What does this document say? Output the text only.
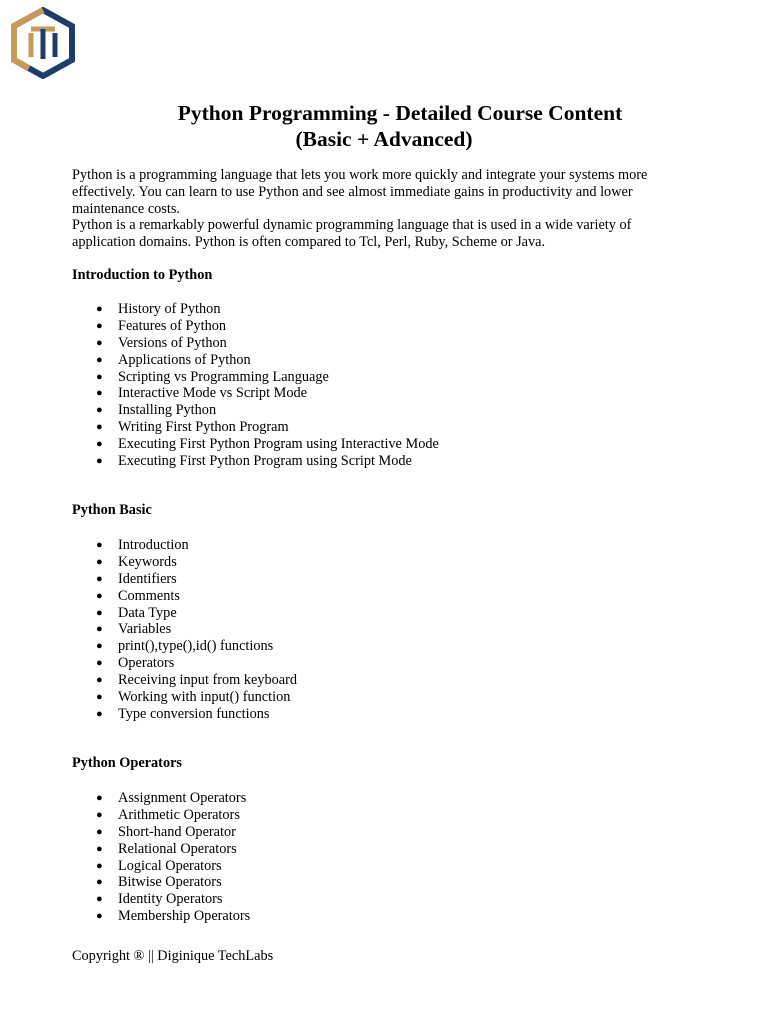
Python Programming - Detailed Course Content
(Basic + Advanced)

Python is a programming language that lets you work more quickly and integrate your systems more effectively. You can learn to use Python and see almost immediate gains in productivity and lower maintenance costs.

Python is a remarkably powerful dynamic programming language that is used in a wide variety of application domains. Python is often compared to Tcl, Perl, Ruby, Scheme or Java.

Introduction to Python
● History of Python
● Features of Python
● Versions of Python
● Applications of Python
● Scripting vs Programming Language
● Interactive Mode vs Script Mode
● Installing Python
● Writing First Python Program
● Executing First Python Program using Interactive Mode
● Executing First Python Program using Script Mode
Python Basic
● Introduction
● Keywords
● Identifiers
● Comments
● Data Type
● Variables
● print(),type(),id() functions
● Operators
● Receiving input from keyboard
● Working with input() function
● Type conversion functions
Python Operators
● Assignment Operators
● Arithmetic Operators
● Short-hand Operator
● Relational Operators
● Logical Operators
● Bitwise Operators
● Identity Operators
● Membership Operators
Copyright ® || Diginique TechLabs
